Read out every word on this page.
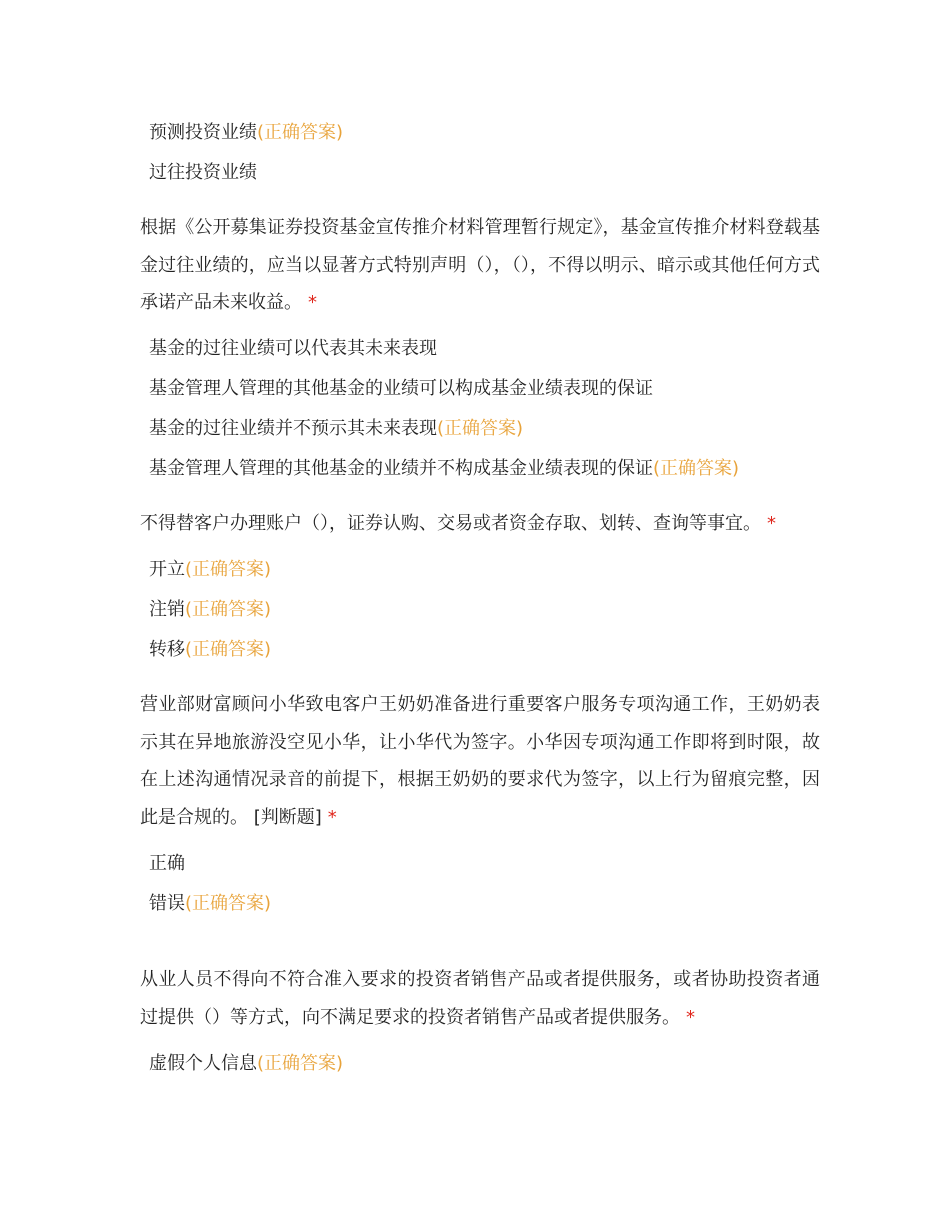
预测投资业绩(正确答案)
过往投资业绩
根据《公开募集证券投资基金宣传推介材料管理暂行规定》，基金宣传推介材料登载基金过往业绩的，应当以显著方式特别声明（），（），不得以明示、暗示或其他任何方式承诺产品未来收益。 *
基金的过往业绩可以代表其未来表现
基金管理人管理的其他基金的业绩可以构成基金业绩表现的保证
基金的过往业绩并不预示其未来表现(正确答案)
基金管理人管理的其他基金的业绩并不构成基金业绩表现的保证(正确答案)
不得替客户办理账户（），证券认购、交易或者资金存取、划转、查询等事宜。 *
开立(正确答案)
注销(正确答案)
转移(正确答案)
营业部财富顾问小华致电客户王奶奶准备进行重要客户服务专项沟通工作，王奶奶表示其在异地旅游没空见小华，让小华代为签字。小华因专项沟通工作即将到时限，故在上述沟通情况录音的前提下，根据王奶奶的要求代为签字，以上行为留痕完整，因此是合规的。 [判断题] *
正确
错误(正确答案)
从业人员不得向不符合准入要求的投资者销售产品或者提供服务，或者协助投资者通过提供（）等方式，向不满足要求的投资者销售产品或者提供服务。 *
虚假个人信息(正确答案)
